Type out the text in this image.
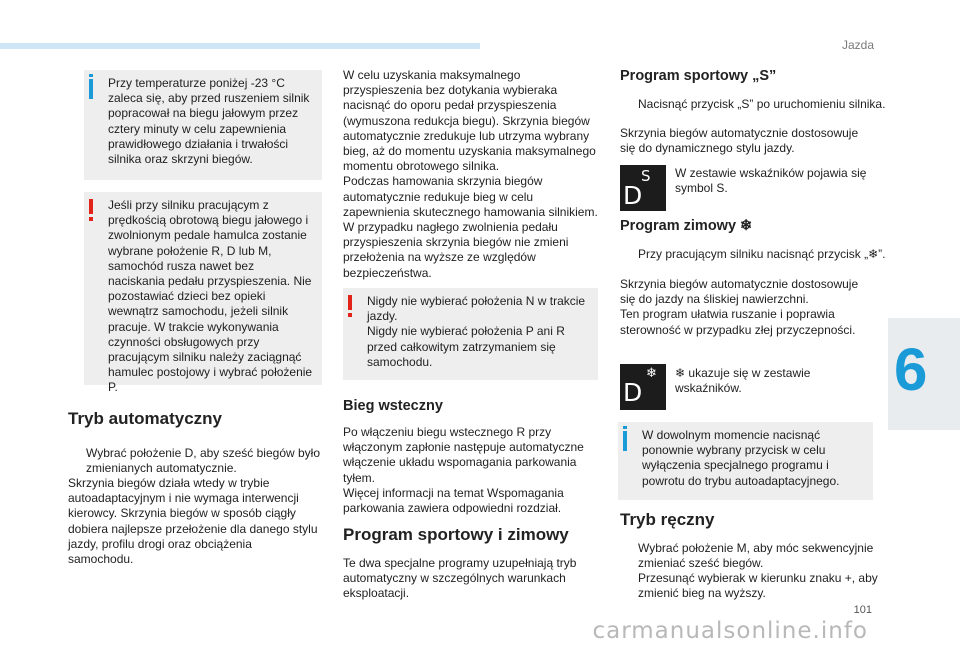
Jazda
6
101
carmanualsonline.info
Przy temperaturze poniżej -23 °C zaleca się, aby przed ruszeniem silnik popracował na biegu jałowym przez cztery minuty w celu zapewnienia prawidłowego działania i trwałości silnika oraz skrzyni biegów.
Jeśli przy silniku pracującym z prędkością obrotową biegu jałowego i zwolnionym pedale hamulca zostanie wybrane położenie R, D lub M, samochód rusza nawet bez naciskania pedału przyspieszenia. Nie pozostawiać dzieci bez opieki wewnątrz samochodu, jeżeli silnik pracuje. W trakcie wykonywania czynności obsługowych przy pracującym silniku należy zaciągnąć hamulec postojowy i wybrać położenie P.
Tryb automatyczny
Wybrać położenie D, aby sześć biegów było zmienianych automatycznie.
Skrzynia biegów działa wtedy w trybie autoadaptacyjnym i nie wymaga interwencji kierowcy. Skrzynia biegów w sposób ciągły dobiera najlepsze przełożenie dla danego stylu jazdy, profilu drogi oraz obciążenia samochodu.
W celu uzyskania maksymalnego przyspieszenia bez dotykania wybieraka nacisnąć do oporu pedał przyspieszenia (wymuszona redukcja biegu). Skrzynia biegów automatycznie zredukuje lub utrzyma wybrany bieg, aż do momentu uzyskania maksymalnego momentu obrotowego silnika.
Podczas hamowania skrzynia biegów automatycznie redukuje bieg w celu zapewnienia skutecznego hamowania silnikiem.
W przypadku nagłego zwolnienia pedału przyspieszenia skrzynia biegów nie zmieni przełożenia na wyższe ze względów bezpieczeństwa.
Nigdy nie wybierać położenia N w trakcie jazdy.
Nigdy nie wybierać położenia P ani R przed całkowitym zatrzymaniem się samochodu.
Bieg wsteczny
Po włączeniu biegu wstecznego R przy włączonym zapłonie następuje automatyczne włączenie układu wspomagania parkowania tyłem.
Więcej informacji na temat Wspomagania parkowania zawiera odpowiedni rozdział.
Program sportowy i zimowy
Te dwa specjalne programy uzupełniają tryb automatyczny w szczególnych warunkach eksploatacji.
Program sportowy „S”
Nacisnąć przycisk „S” po uruchomieniu silnika.
Skrzynia biegów automatycznie dostosowuje się do dynamicznego stylu jazdy.
S
D
W zestawie wskaźników pojawia się symbol S.
Program zimowy ❄
Przy pracującym silniku nacisnąć przycisk „❄”.
Skrzynia biegów automatycznie dostosowuje się do jazdy na śliskiej nawierzchni.
Ten program ułatwia ruszanie i poprawia sterowność w przypadku złej przyczepności.
D
❄ ❄ ukazuje się w zestawie wskaźników.
W dowolnym momencie nacisnąć ponownie wybrany przycisk w celu wyłączenia specjalnego programu i powrotu do trybu autoadaptacyjnego.
Tryb ręczny
Wybrać położenie M, aby móc sekwencyjnie zmieniać sześć biegów.
Przesunąć wybierak w kierunku znaku +, aby zmienić bieg na wyższy.
